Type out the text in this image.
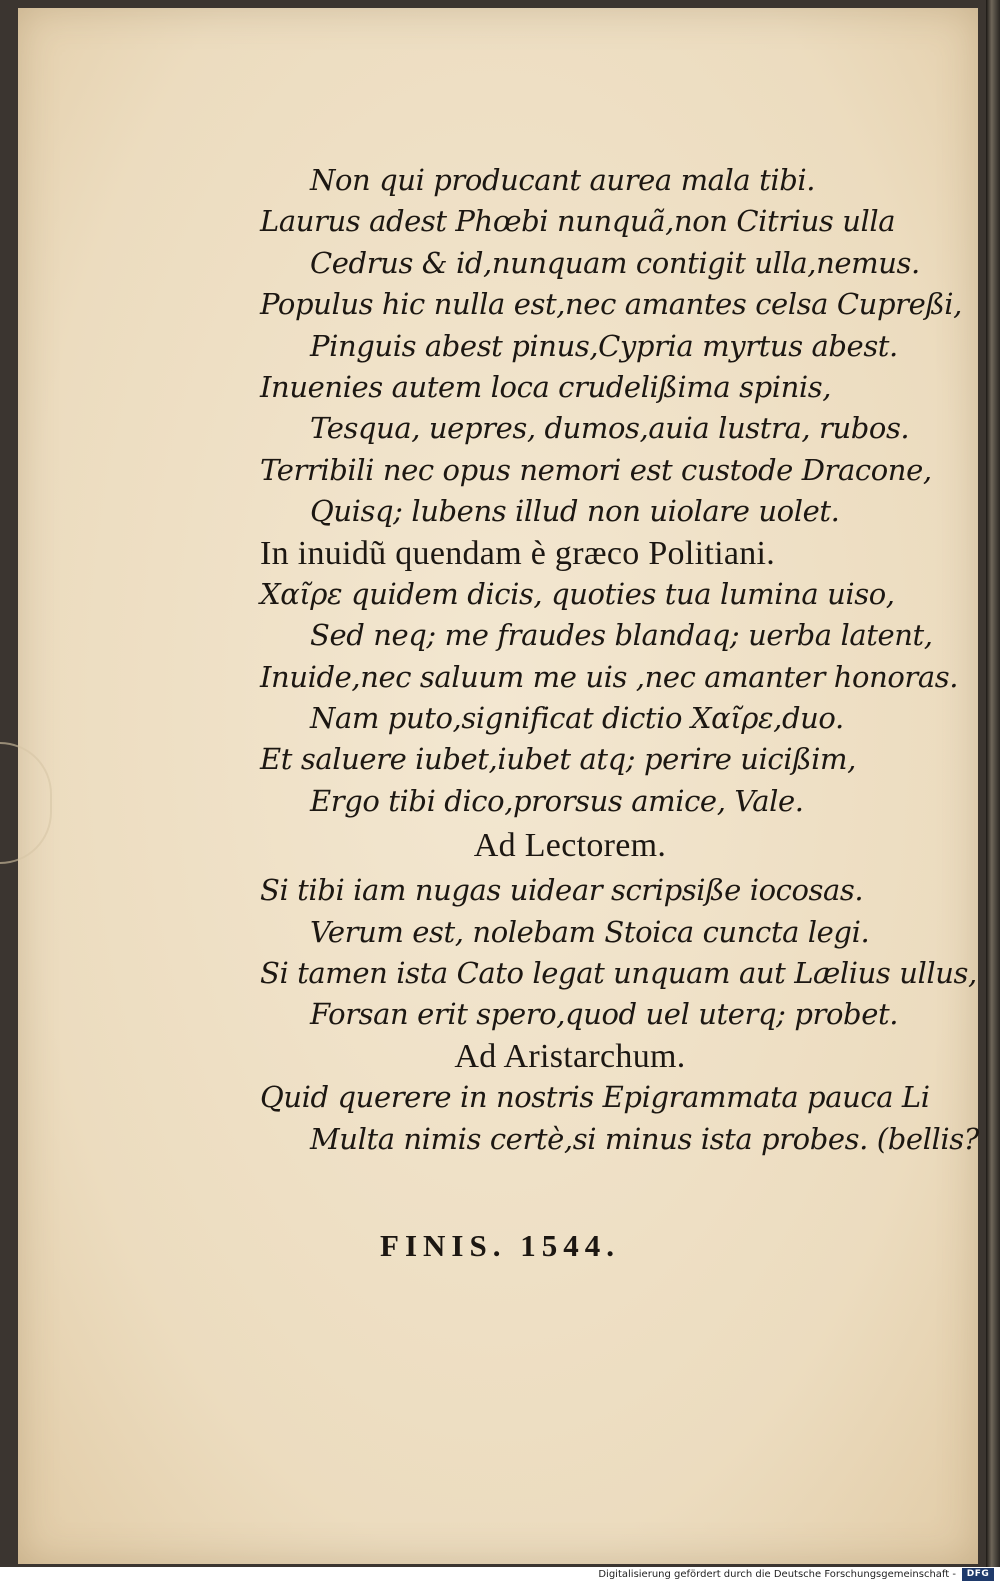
Non qui producant aurea mala tibi.
Laurus adest Phœbi nunquã,non Citrius ulla
Cedrus & id,nunquam contigit ulla,nemus.
Populus hic nulla est,nec amantes celsa Cupreßi,
Pinguis abest pinus,Cypria myrtus abest.
Inuenies autem loca crudelißima spinis,
Tesqua, uepres, dumos,auia lustra, rubos.
Terribili nec opus nemori est custode Dracone,
Quisq; lubens illud non uiolare uolet.
In inuidũ quendam è græco Politiani.
Χαῖρε quidem dicis, quoties tua lumina uiso,
Sed neq; me fraudes blandaq; uerba latent,
Inuide,nec saluum me uis ,nec amanter honoras.
Nam puto,significat dictio Χαῖρε,duo.
Et saluere iubet,iubet atq; perire uicißim,
Ergo tibi dico,prorsus amice, Vale.
Ad Lectorem.
Si tibi iam nugas uidear scripsiße iocosas.
Verum est, nolebam Stoica cuncta legi.
Si tamen ista Cato legat unquam aut Lælius ullus,
Forsan erit spero,quod uel uterq; probet.
Ad Aristarchum.
Quid querere in nostris Epigrammata pauca Li
Multa nimis certè,si minus ista probes. (bellis?
FINIS. 1544.
Digitalisierung gefördert durch die Deutsche Forschungsgemeinschaft -	DFG
